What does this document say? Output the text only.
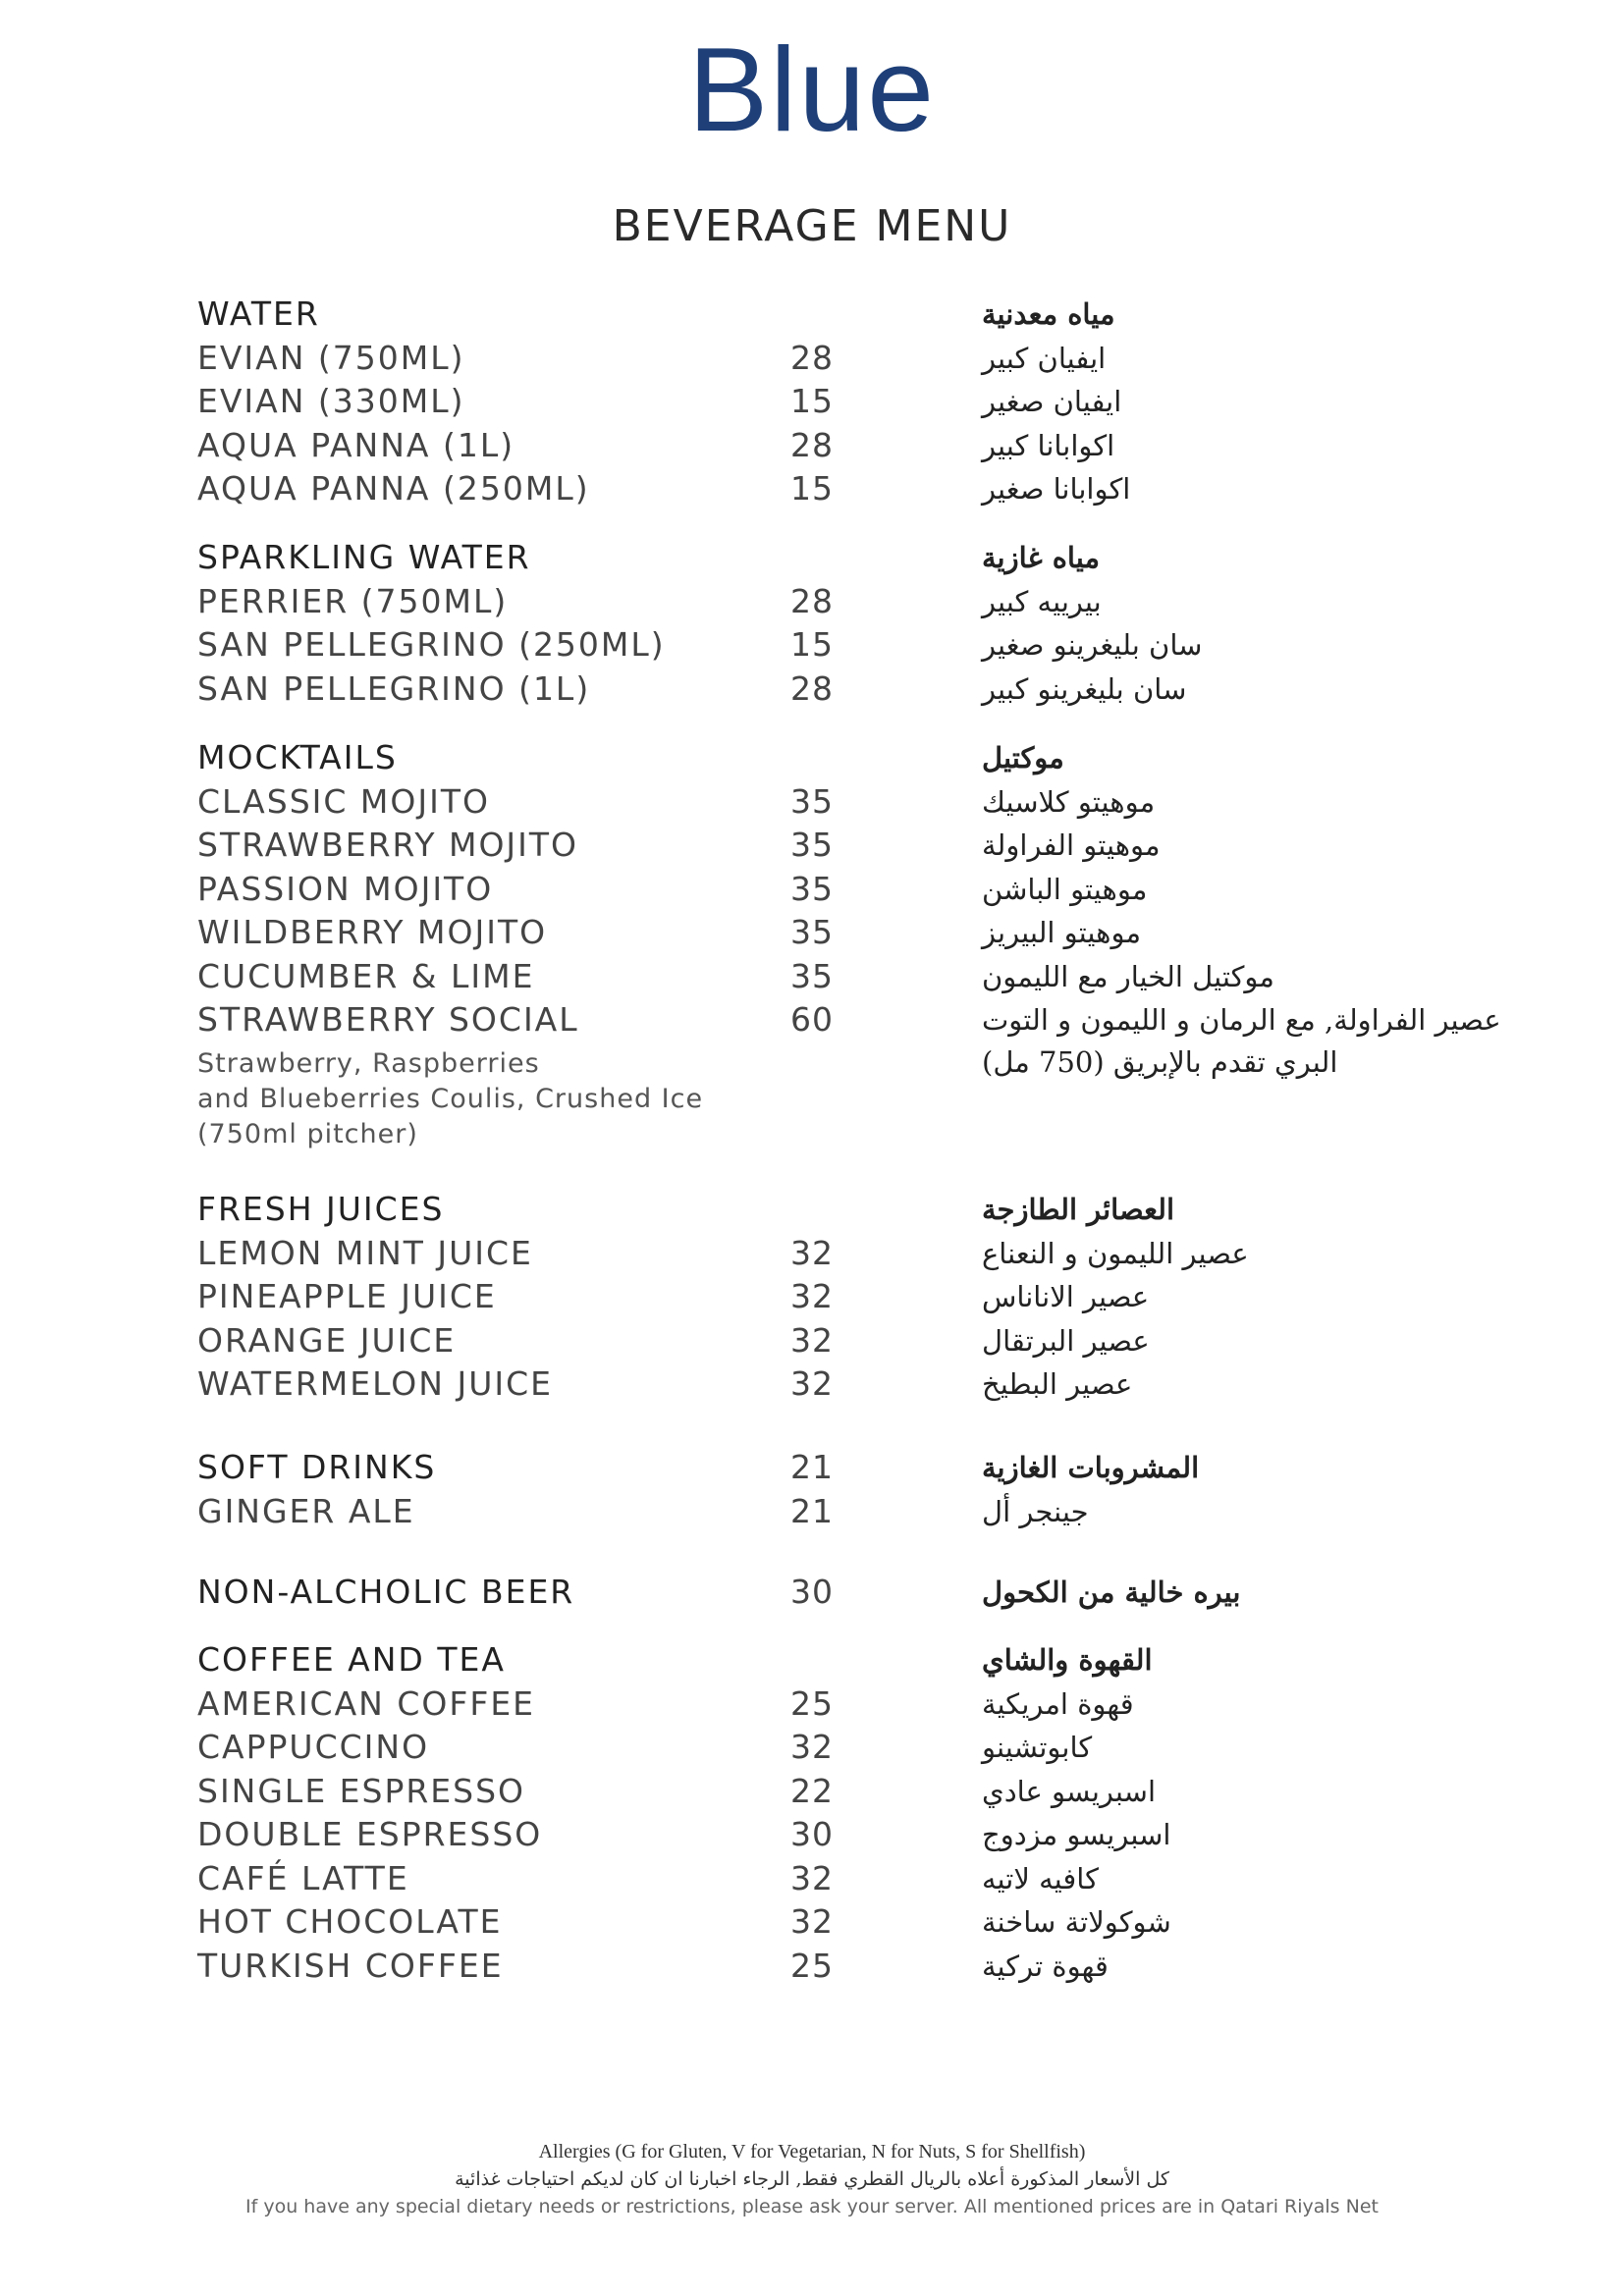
Blue
BEVERAGE MENU
WATER	مياه معدنية
EVIAN (750ML)	28	ايفيان كبير
EVIAN (330ML)	15	ايفيان صغير
AQUA PANNA (1L)	28	اكوابانا كبير
AQUA PANNA (250ML)	15	اكوابانا صغير
SPARKLING WATER	مياه غازية
PERRIER (750ML)	28	بيرييه كبير
SAN PELLEGRINO (250ML)	15	سان بليغرينو صغير
SAN PELLEGRINO (1L)	28	سان بليغرينو كبير
MOCKTAILS	موكتيل
CLASSIC MOJITO	35	موهيتو كلاسيك
STRAWBERRY MOJITO	35	موهيتو الفراولة
PASSION MOJITO	35	موهيتو الباشن
WILDBERRY MOJITO	35	موهيتو البيريز
CUCUMBER & LIME	35	موكتيل الخيار مع الليمون
STRAWBERRY SOCIAL	60	عصير الفراولة, مع الرمان و الليمون و التوت
Strawberry, Raspberries
and Blueberries Coulis, Crushed Ice
(750ml pitcher)
البري تقدم بالإبريق (750 مل)
FRESH JUICES	العصائر الطازجة
LEMON MINT JUICE	32	عصير الليمون و النعناع
PINEAPPLE JUICE	32	عصير الاناناس
ORANGE JUICE	32	عصير البرتقال
WATERMELON JUICE	32	عصير البطيخ
SOFT DRINKS	21	المشروبات الغازية
GINGER ALE	21	جينجر أل
NON-ALCHOLIC BEER	30	بيره خالية من الكحول
COFFEE AND TEA	القهوة والشاي
AMERICAN COFFEE	25	قهوة امريكية
CAPPUCCINO	32	كابوتشينو
SINGLE ESPRESSO	22	اسبريسو عادي
DOUBLE ESPRESSO	30	اسبريسو مزدوج
CAFÉ LATTE	32	كافيه لاتيه
HOT CHOCOLATE	32	شوكولاتة ساخنة
TURKISH COFFEE	25	قهوة تركية
Allergies (G for Gluten, V for Vegetarian, N for Nuts, S for Shellfish)
كل الأسعار المذكورة أعلاه بالريال القطري فقط, الرجاء اخبارنا ان كان لديكم احتياجات غذائية
If you have any special dietary needs or restrictions, please ask your server. All mentioned prices are in Qatari Riyals Net
